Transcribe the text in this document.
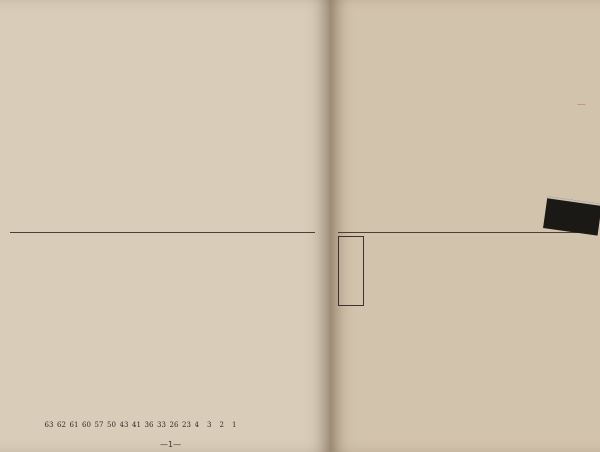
1
2
3
4
23
26
33
36
41
43
50
57
60
61
62
63
—1—
｜
